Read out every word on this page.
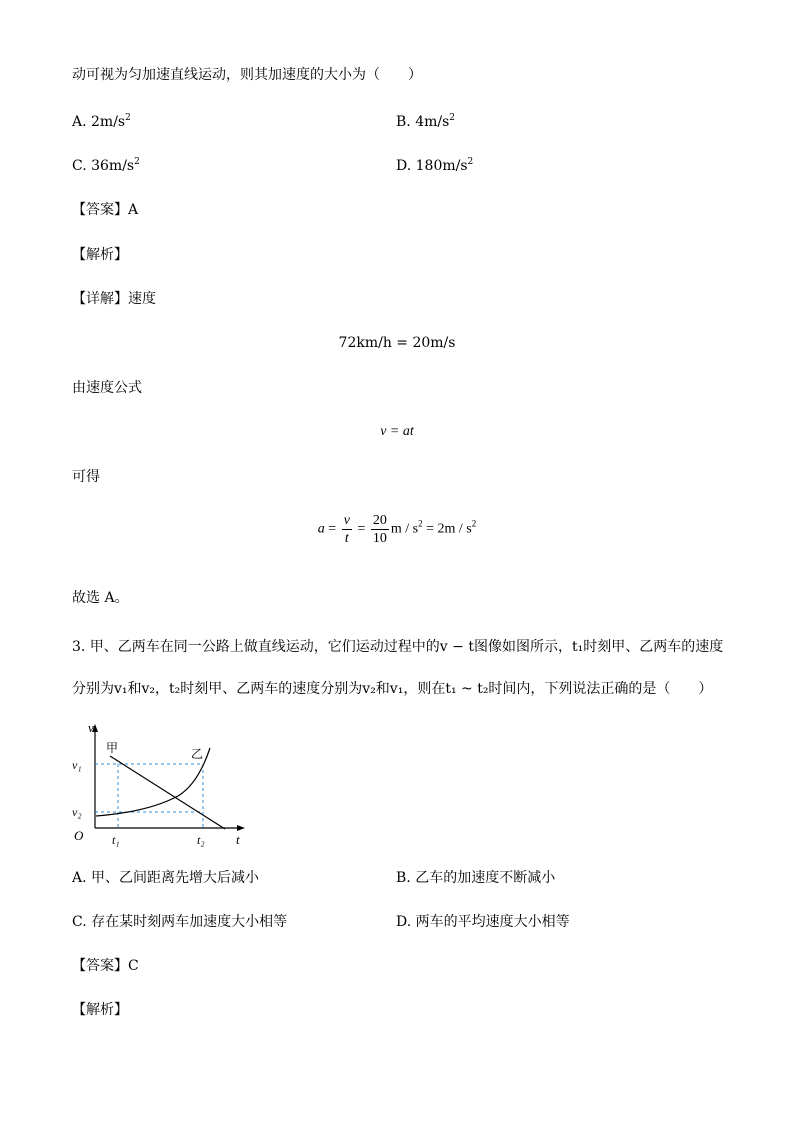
动可视为匀加速直线运动，则其加速度的大小为（　　）
A. $2m/s^2$	B. $4m/s^2$
C. $36m/s^2$	D. $180m/s^2$
【答案】A
【解析】
【详解】速度
72km/h = 20m/s
由速度公式
v = at
可得
$a = \frac{v}{t} = \frac{20}{10}$ $m / s^2 = 2m / s^2$
故选 A。
3. 甲、乙两车在同一公路上做直线运动，它们运动过程中的v − t图像如图所示，t₁时刻甲、乙两车的速度
分别为v₁和v₂，t₂时刻甲、乙两车的速度分别为v₂和v₁，则在t₁ ~ t₂时间内，下列说法正确的是（　　）
v
t
O
甲	乙
v₁
v₂
t₁	t₂
A. 甲、乙间距离先增大后减小	B. 乙车的加速度不断减小
C. 存在某时刻两车加速度大小相等	D. 两车的平均速度大小相等
【答案】C
【解析】
